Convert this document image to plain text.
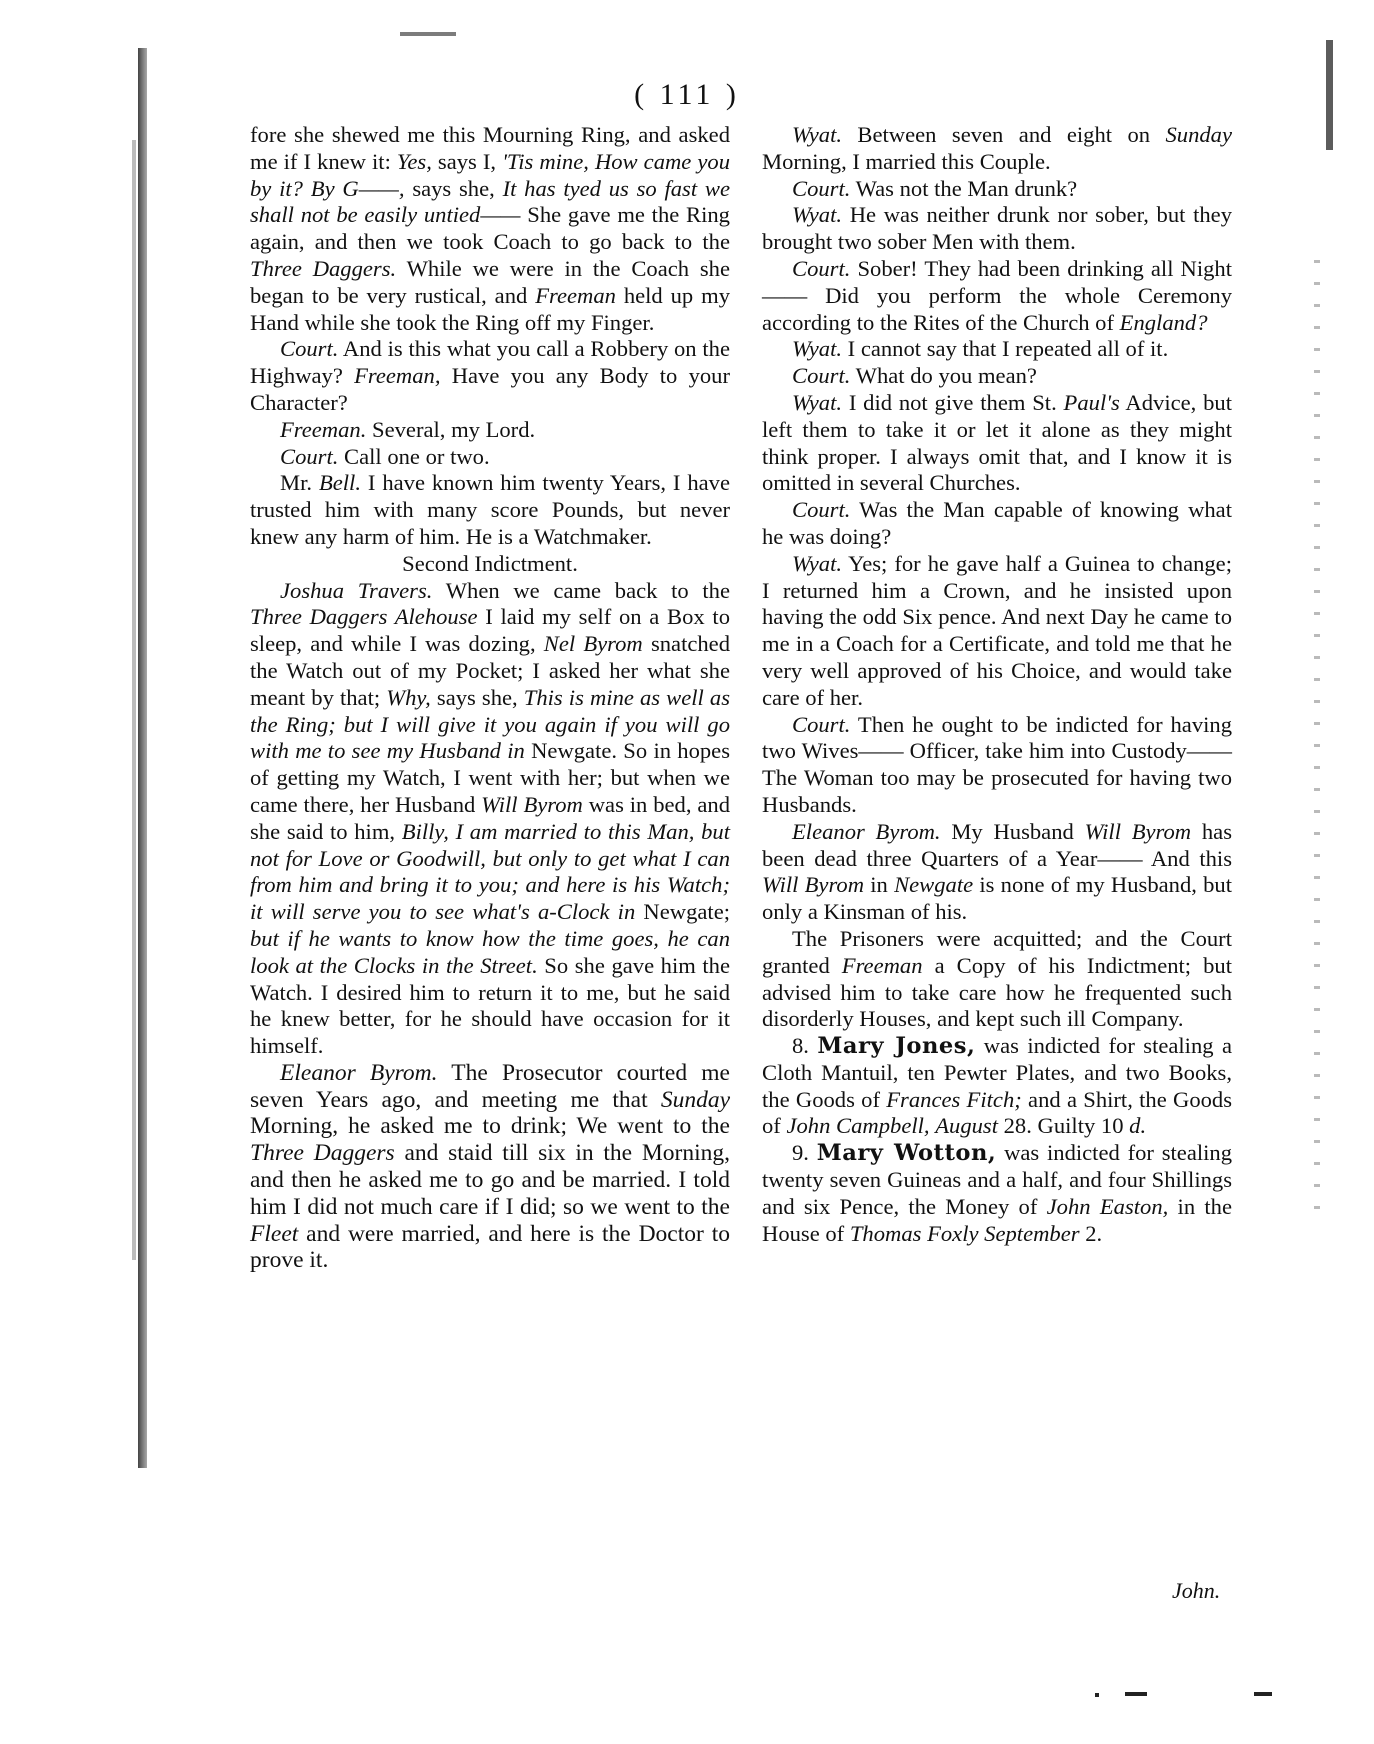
( 111 )

fore she shewed me this Mourning Ring, and asked me if I knew it: Yes, says I, 'Tis mine, How came you by it? By G——, says she, It has tyed us so fast we shall not be easily untied—— She gave me the Ring again, and then we took Coach to go back to the Three Daggers. While we were in the Coach she began to be very rustical, and Freeman held up my Hand while she took the Ring off my Finger.

Court. And is this what you call a Robbery on the Highway? Freeman, Have you any Body to your Character?

Freeman. Several, my Lord.

Court. Call one or two.

Mr. Bell. I have known him twenty Years, I have trusted him with many score Pounds, but never knew any harm of him. He is a Watchmaker.

Second Indictment.

Joshua Travers. When we came back to the Three Daggers Alehouse I laid my self on a Box to sleep, and while I was dozing, Nel Byrom snatched the Watch out of my Pocket; I asked her what she meant by that; Why, says she, This is mine as well as the Ring; but I will give it you again if you will go with me to see my Husband in Newgate. So in hopes of getting my Watch, I went with her; but when we came there, her Husband Will Byrom was in bed, and she said to him, Billy, I am married to this Man, but not for Love or Goodwill, but only to get what I can from him and bring it to you; and here is his Watch; it will serve you to see what's a-Clock in Newgate; but if he wants to know how the time goes, he can look at the Clocks in the Street. So she gave him the Watch. I desired him to return it to me, but he said he knew better, for he should have occasion for it himself.

Eleanor Byrom. The Prosecutor courted me seven Years ago, and meeting me that Sunday Morning, he asked me to drink; We went to the Three Daggers and staid till six in the Morning, and then he asked me to go and be married. I told him I did not much care if I did; so we went to the Fleet and were married, and here is the Doctor to prove it.

Wyat. Between seven and eight on Sunday Morning, I married this Couple.

Court. Was not the Man drunk?

Wyat. He was neither drunk nor sober, but they brought two sober Men with them.

Court. Sober! They had been drinking all Night—— Did you perform the whole Ceremony according to the Rites of the Church of England?

Wyat. I cannot say that I repeated all of it.

Court. What do you mean?

Wyat. I did not give them St. Paul's Advice, but left them to take it or let it alone as they might think proper. I always omit that, and I know it is omitted in several Churches.

Court. Was the Man capable of knowing what he was doing?

Wyat. Yes; for he gave half a Guinea to change; I returned him a Crown, and he insisted upon having the odd Six pence. And next Day he came to me in a Coach for a Certificate, and told me that he very well approved of his Choice, and would take care of her.

Court. Then he ought to be indicted for having two Wives—— Officer, take him into Custody—— The Woman too may be prosecuted for having two Husbands.

Eleanor Byrom. My Husband Will Byrom has been dead three Quarters of a Year—— And this Will Byrom in Newgate is none of my Husband, but only a Kinsman of his.

The Prisoners were acquitted; and the Court granted Freeman a Copy of his Indictment; but advised him to take care how he frequented such disorderly Houses, and kept such ill Company.

8. Mary Jones, was indicted for stealing a Cloth Mantuil, ten Pewter Plates, and two Books, the Goods of Frances Fitch; and a Shirt, the Goods of John Campbell, August 28. Guilty 10 d.

9. Mary Wotton, was indicted for stealing twenty seven Guineas and a half, and four Shillings and six Pence, the Money of John Easton, in the House of Thomas Foxly September 2.

John.
